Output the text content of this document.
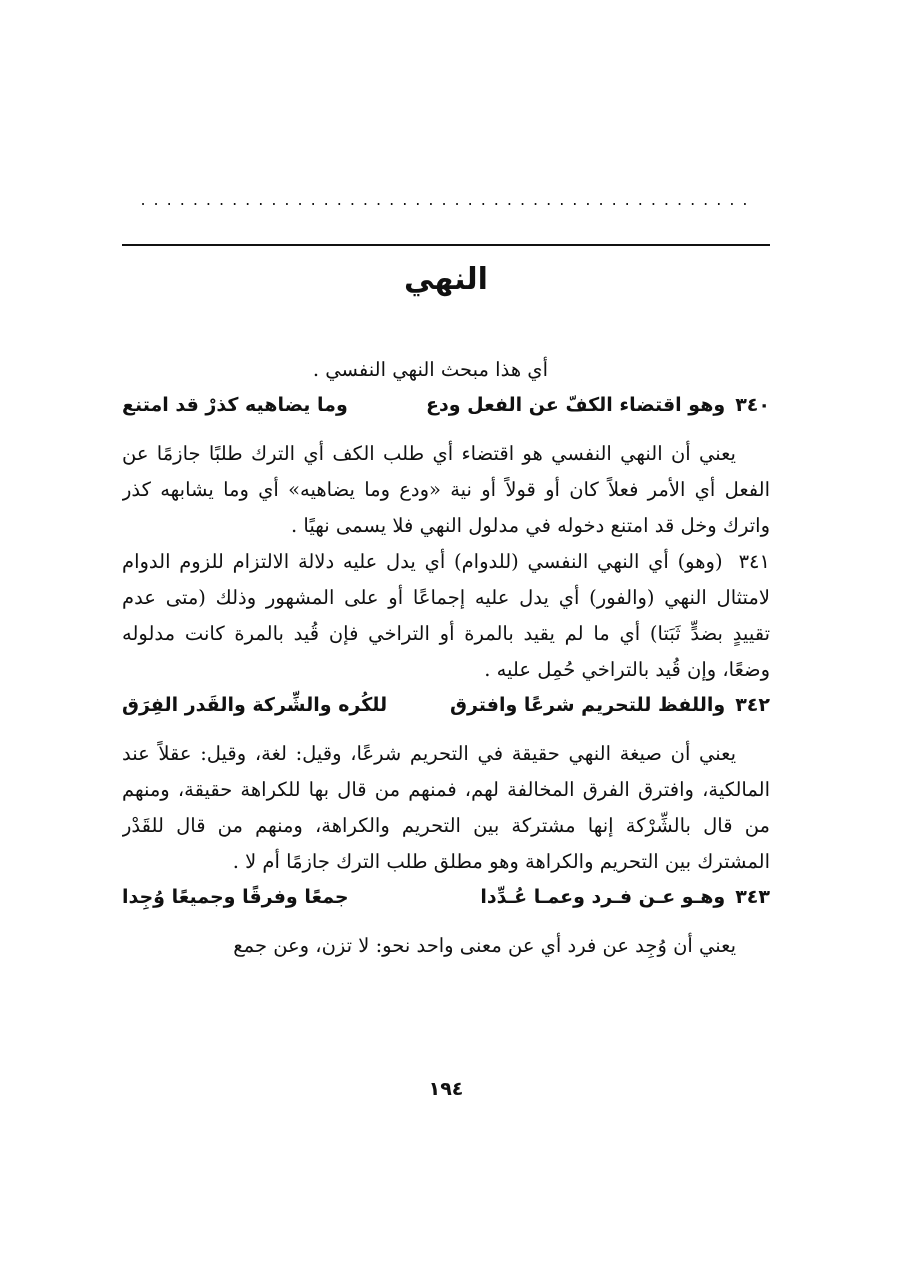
...............................................
النهي

أي هذا مبحث النهي النفسي .

٣٤٠
وهو اقتضاء الكفّ عن الفعل ودع
وما يضاهيه كذرْ قد امتنع

يعني أن النهي النفسي هو اقتضاء أي طلب الكف أي الترك طلبًا جازمًا عن الفعل أي الأمر فعلاً كان أو قولاً أو نية «ودع وما يضاهيه» أي وما يشابهه كذر واترك وخل قد امتنع دخوله في مدلول النهي فلا يسمى نهيًا .

٣٤١(وهو) أي النهي النفسي (للدوام) أي يدل عليه دلالة الالتزام للزوم الدوام لامتثال النهي (والفور) أي يدل عليه إجماعًا أو على المشهور وذلك (متى عدم تقييدٍ بضدٍّ ثَبَتا) أي ما لم يقيد بالمرة أو التراخي فإن قُيد بالمرة كانت مدلوله وضعًا، وإن قُيد بالتراخي حُمِل عليه .

٣٤٢
واللفظ للتحريم شرعًا وافترق
للكُره والشِّركة والقَدر الفِرَق

يعني أن صيغة النهي حقيقة في التحريم شرعًا، وقيل: لغة، وقيل: عقلاً عند المالكية، وافترق الفرق المخالفة لهم، فمنهم من قال بها للكراهة حقيقة، ومنهم من قال بالشِّرْكة إنها مشتركة بين التحريم والكراهة، ومنهم من قال للقَدْر المشترك بين التحريم والكراهة وهو مطلق طلب الترك جازمًا أم لا .

٣٤٣
وهـو عـن فـرد وعمـا عُـدِّدا
جمعًا وفرقًا وجميعًا وُجِدا

يعني أن وُجِد عن فرد أي عن معنى واحد نحو: لا تزن، وعن جمع

١٩٤
